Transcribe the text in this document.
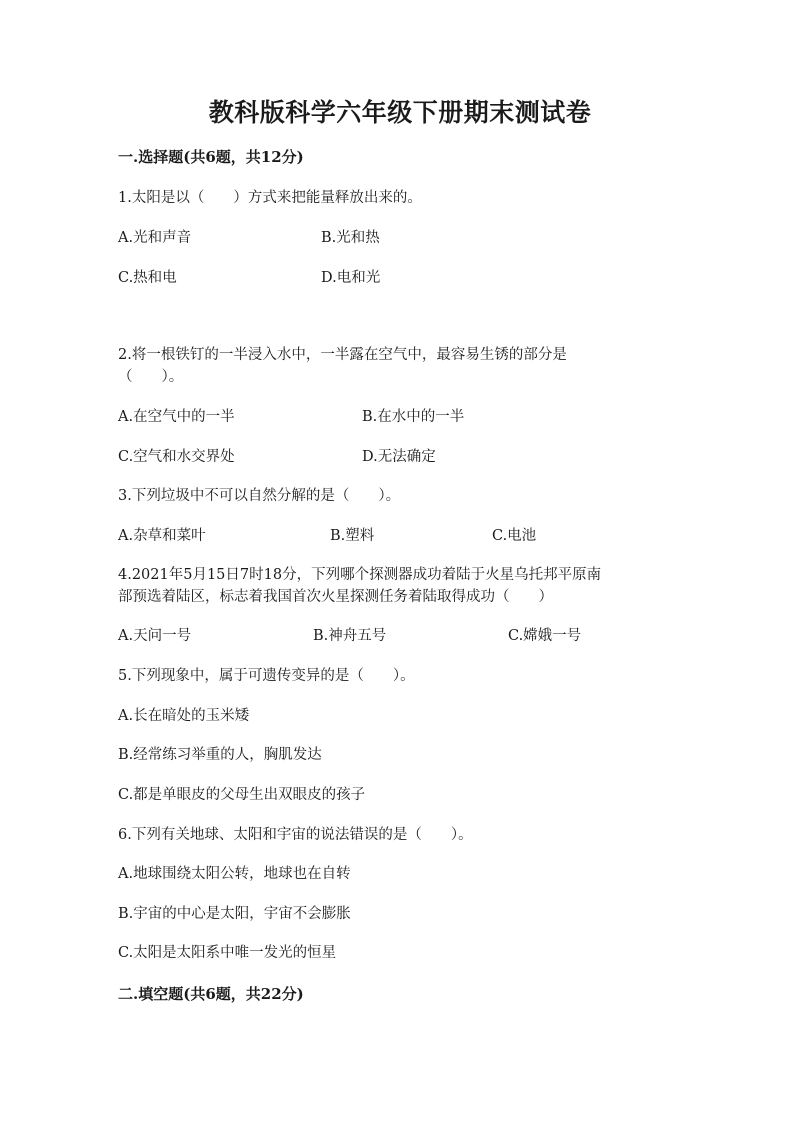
教科版科学六年级下册期末测试卷
一.选择题(共6题，共12分)
1.太阳是以（　　）方式来把能量释放出来的。
A.光和声音	B.光和热
C.热和电	D.电和光
2.将一根铁钉的一半浸入水中，一半露在空气中，最容易生锈的部分是
（　　）。
A.在空气中的一半	B.在水中的一半
C.空气和水交界处	D.无法确定
3.下列垃圾中不可以自然分解的是（　　）。
A.杂草和菜叶	B.塑料	C.电池
4.2021年5月15日7时18分，下列哪个探测器成功着陆于火星乌托邦平原南
部预选着陆区，标志着我国首次火星探测任务着陆取得成功（　　）
A.天问一号	B.神舟五号	C.嫦娥一号
5.下列现象中，属于可遗传变异的是（　　）。
A.长在暗处的玉米矮
B.经常练习举重的人，胸肌发达
C.都是单眼皮的父母生出双眼皮的孩子
6.下列有关地球、太阳和宇宙的说法错误的是（　　）。
A.地球围绕太阳公转，地球也在自转
B.宇宙的中心是太阳，宇宙不会膨胀
C.太阳是太阳系中唯一发光的恒星
二.填空题(共6题，共22分)
